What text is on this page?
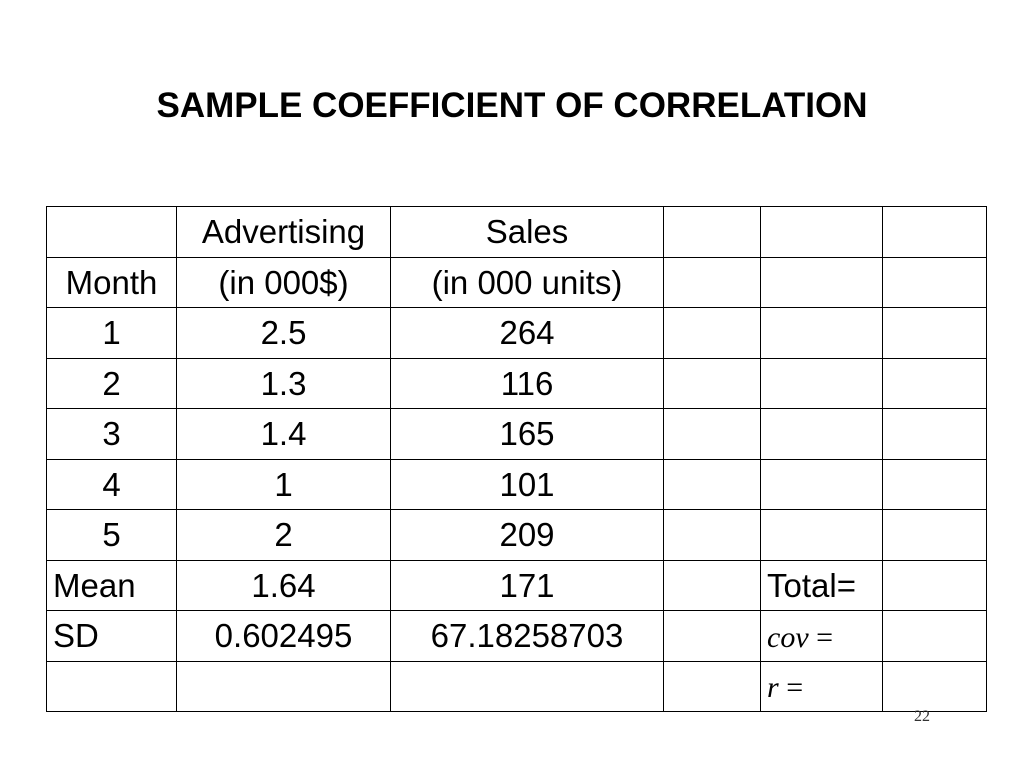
SAMPLE COEFFICIENT OF CORRELATION
	Advertising	Sales			
Month	(in 000$)	(in 000 units)			
1	2.5	264			
2	1.3	116			
3	1.4	165			
4	1	101			
5	2	209			
Mean	1.64	171		Total=	
SD	0.602495	67.18258703		cov =	
				r =	
22
